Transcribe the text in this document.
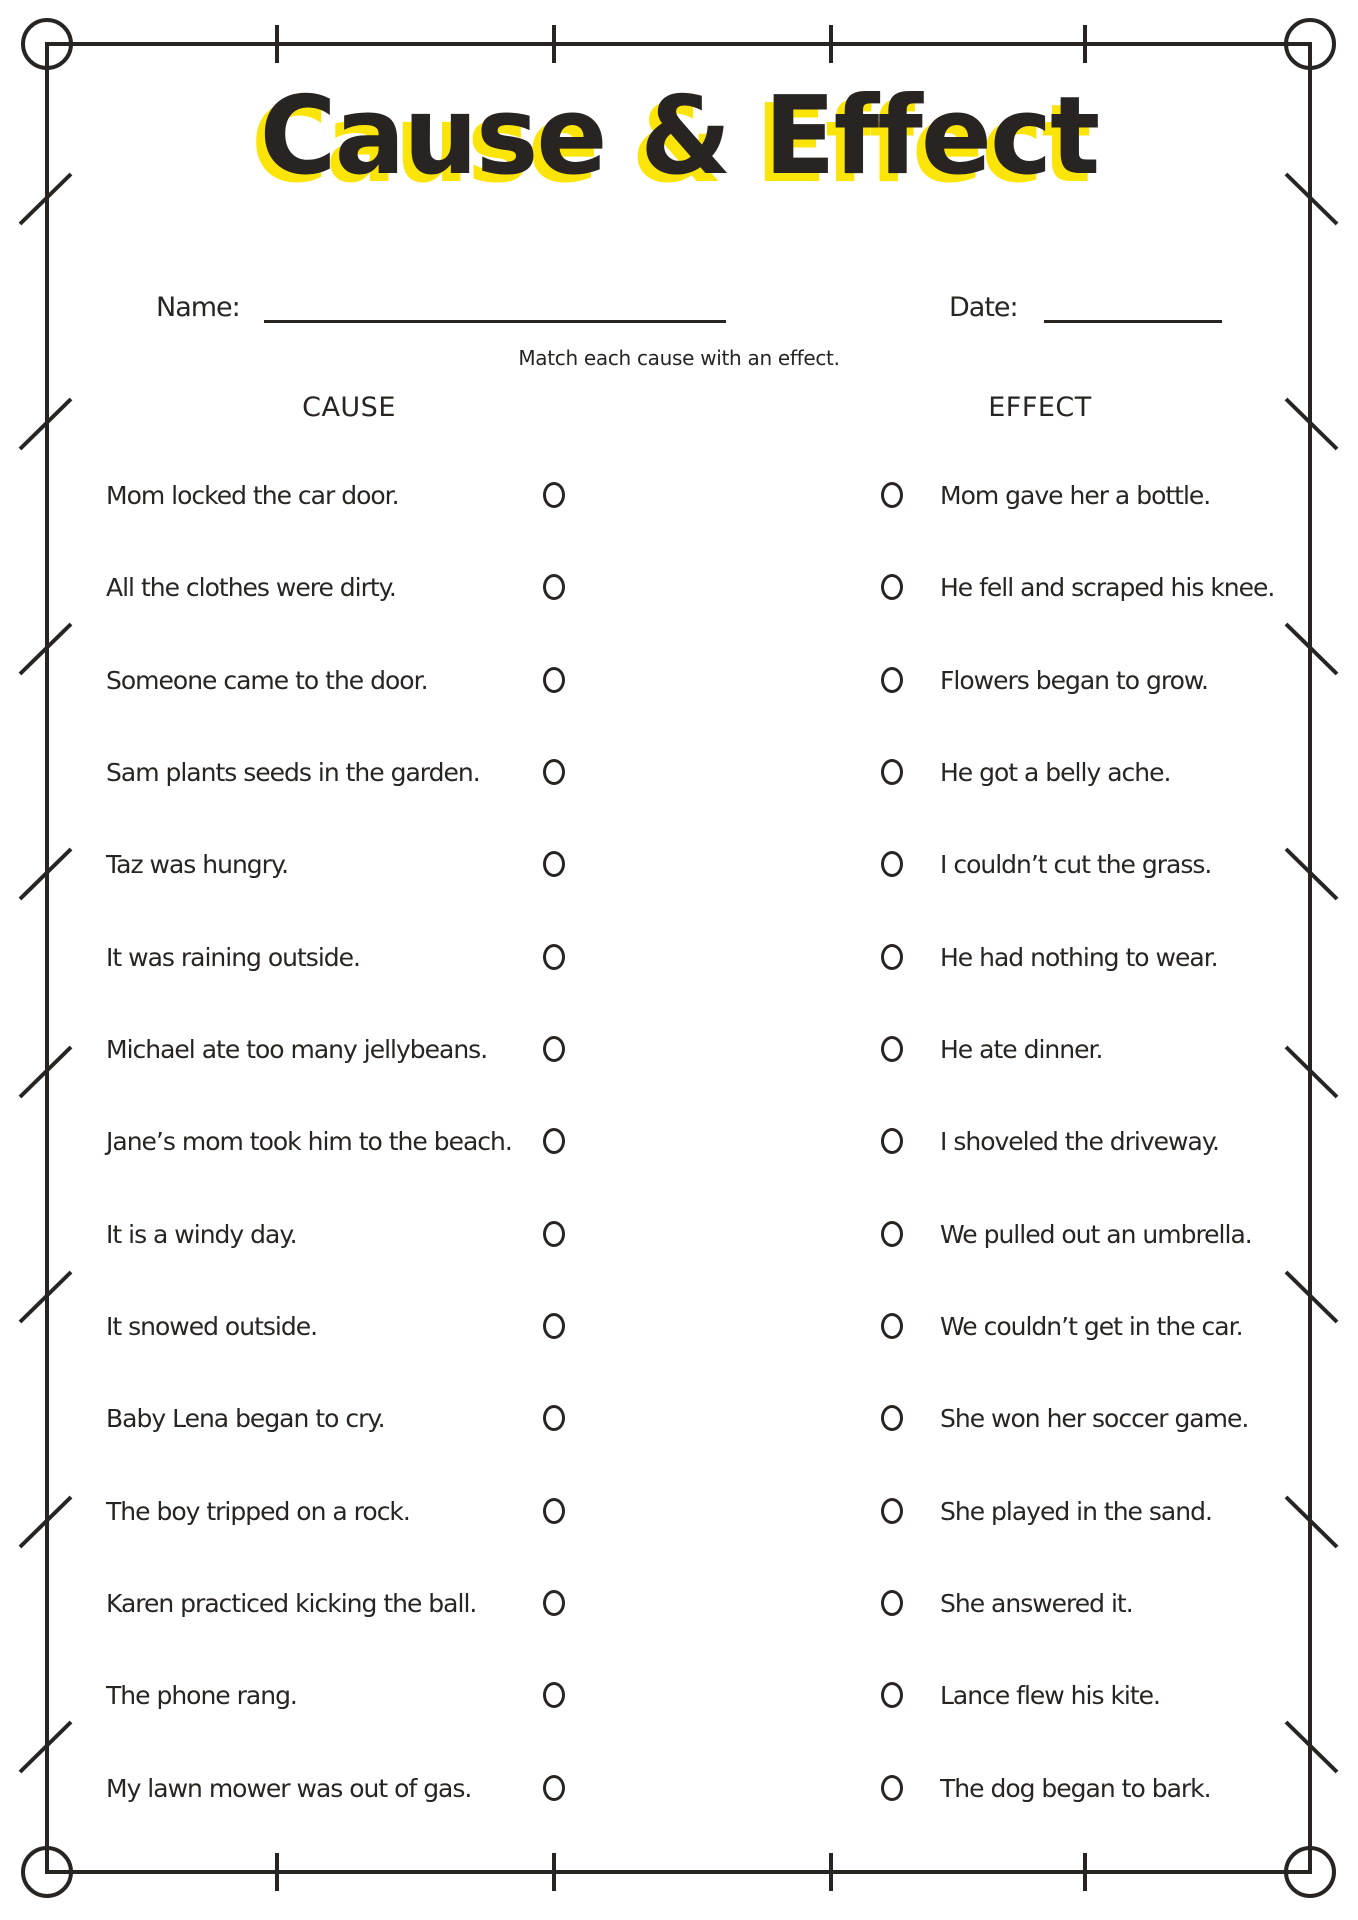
Cause & Effect
Name:	Date:
Match each cause with an effect.
CAUSE	EFFECT
Mom locked the car door.	Mom gave her a bottle.
All the clothes were dirty.	He fell and scraped his knee.
Someone came to the door.	Flowers began to grow.
Sam plants seeds in the garden.	He got a belly ache.
Taz was hungry.	I couldn’t cut the grass.
It was raining outside.	He had nothing to wear.
Michael ate too many jellybeans.	He ate dinner.
Jane’s mom took him to the beach.	I shoveled the driveway.
It is a windy day.	We pulled out an umbrella.
It snowed outside.	We couldn’t get in the car.
Baby Lena began to cry.	She won her soccer game.
The boy tripped on a rock.	She played in the sand.
Karen practiced kicking the ball.	She answered it.
The phone rang.	Lance flew his kite.
My lawn mower was out of gas.	The dog began to bark.
